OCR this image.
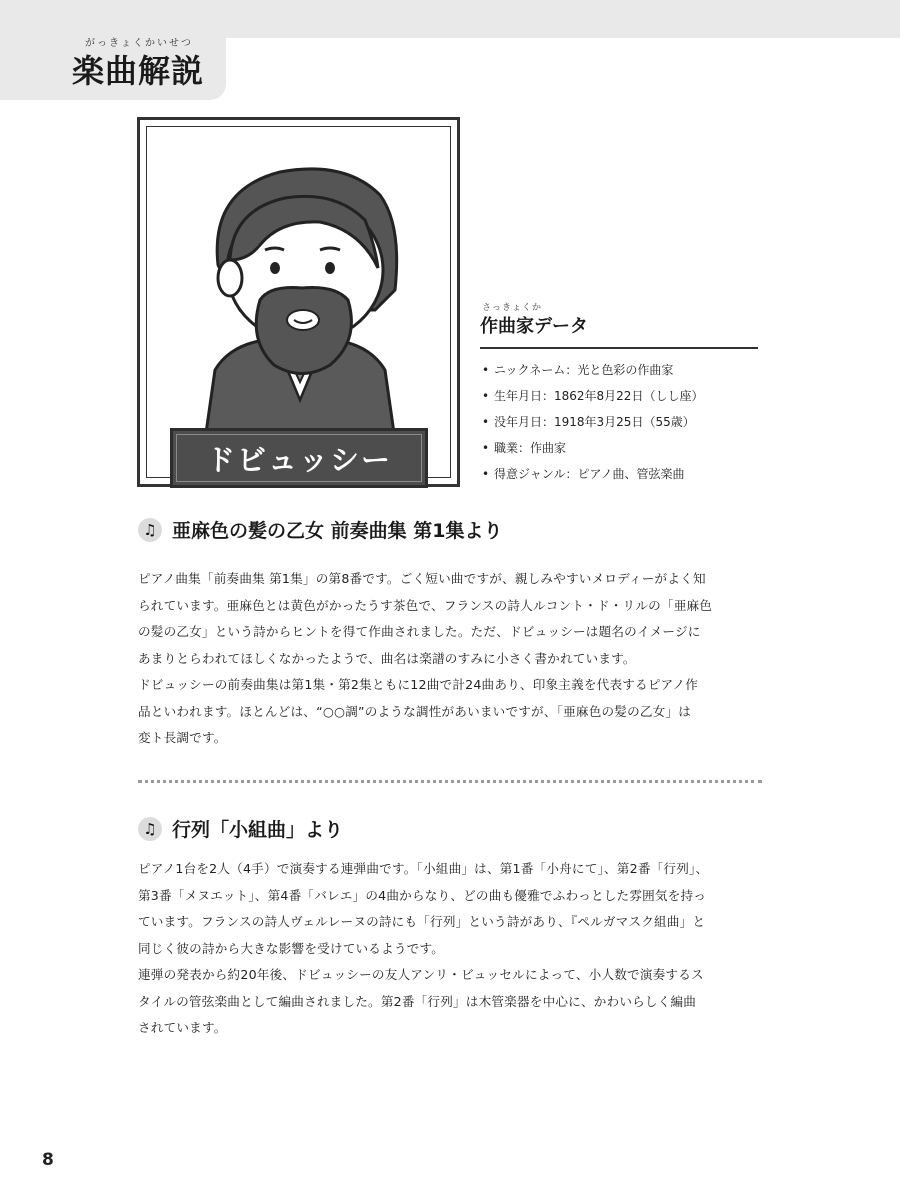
がっきょくかいせつ
楽曲解説
ドビュッシー
さっきょくか
作曲家データ
• ニックネーム：光と色彩の作曲家
• 生年月日：1862年8月22日（しし座）
• 没年月日：1918年3月25日（55歳）
• 職業：作曲家
• 得意ジャンル：ピアノ曲、管弦楽曲
♫ 亜麻色の髪の乙女 前奏曲集 第1集より

ピアノ曲集「前奏曲集 第1集」の第8番です。ごく短い曲ですが、親しみやすいメロディーがよく知

られています。亜麻色とは黄色がかったうす茶色で、フランスの詩人ルコント・ド・リルの「亜麻色

の髪の乙女」という詩からヒントを得て作曲されました。ただ、ドビュッシーは題名のイメージに

あまりとらわれてほしくなかったようで、曲名は楽譜のすみに小さく書かれています。

ドビュッシーの前奏曲集は第1集・第2集ともに12曲で計24曲あり、印象主義を代表するピアノ作

品といわれます。ほとんどは、“○○調”のような調性があいまいですが、「亜麻色の髪の乙女」は

変ト長調です。

♫ 行列「小組曲」より

ピアノ1台を2人（4手）で演奏する連弾曲です。「小組曲」は、第1番「小舟にて」、第2番「行列」、

第3番「メヌエット」、第4番「バレエ」の4曲からなり、どの曲も優雅でふわっとした雰囲気を持っ

ています。フランスの詩人ヴェルレーヌの詩にも「行列」という詩があり、『ペルガマスク組曲」と

同じく彼の詩から大きな影響を受けているようです。

連弾の発表から約20年後、ドビュッシーの友人アンリ・ビュッセルによって、小人数で演奏するス

タイルの管弦楽曲として編曲されました。第2番「行列」は木管楽器を中心に、かわいらしく編曲

されています。

8
